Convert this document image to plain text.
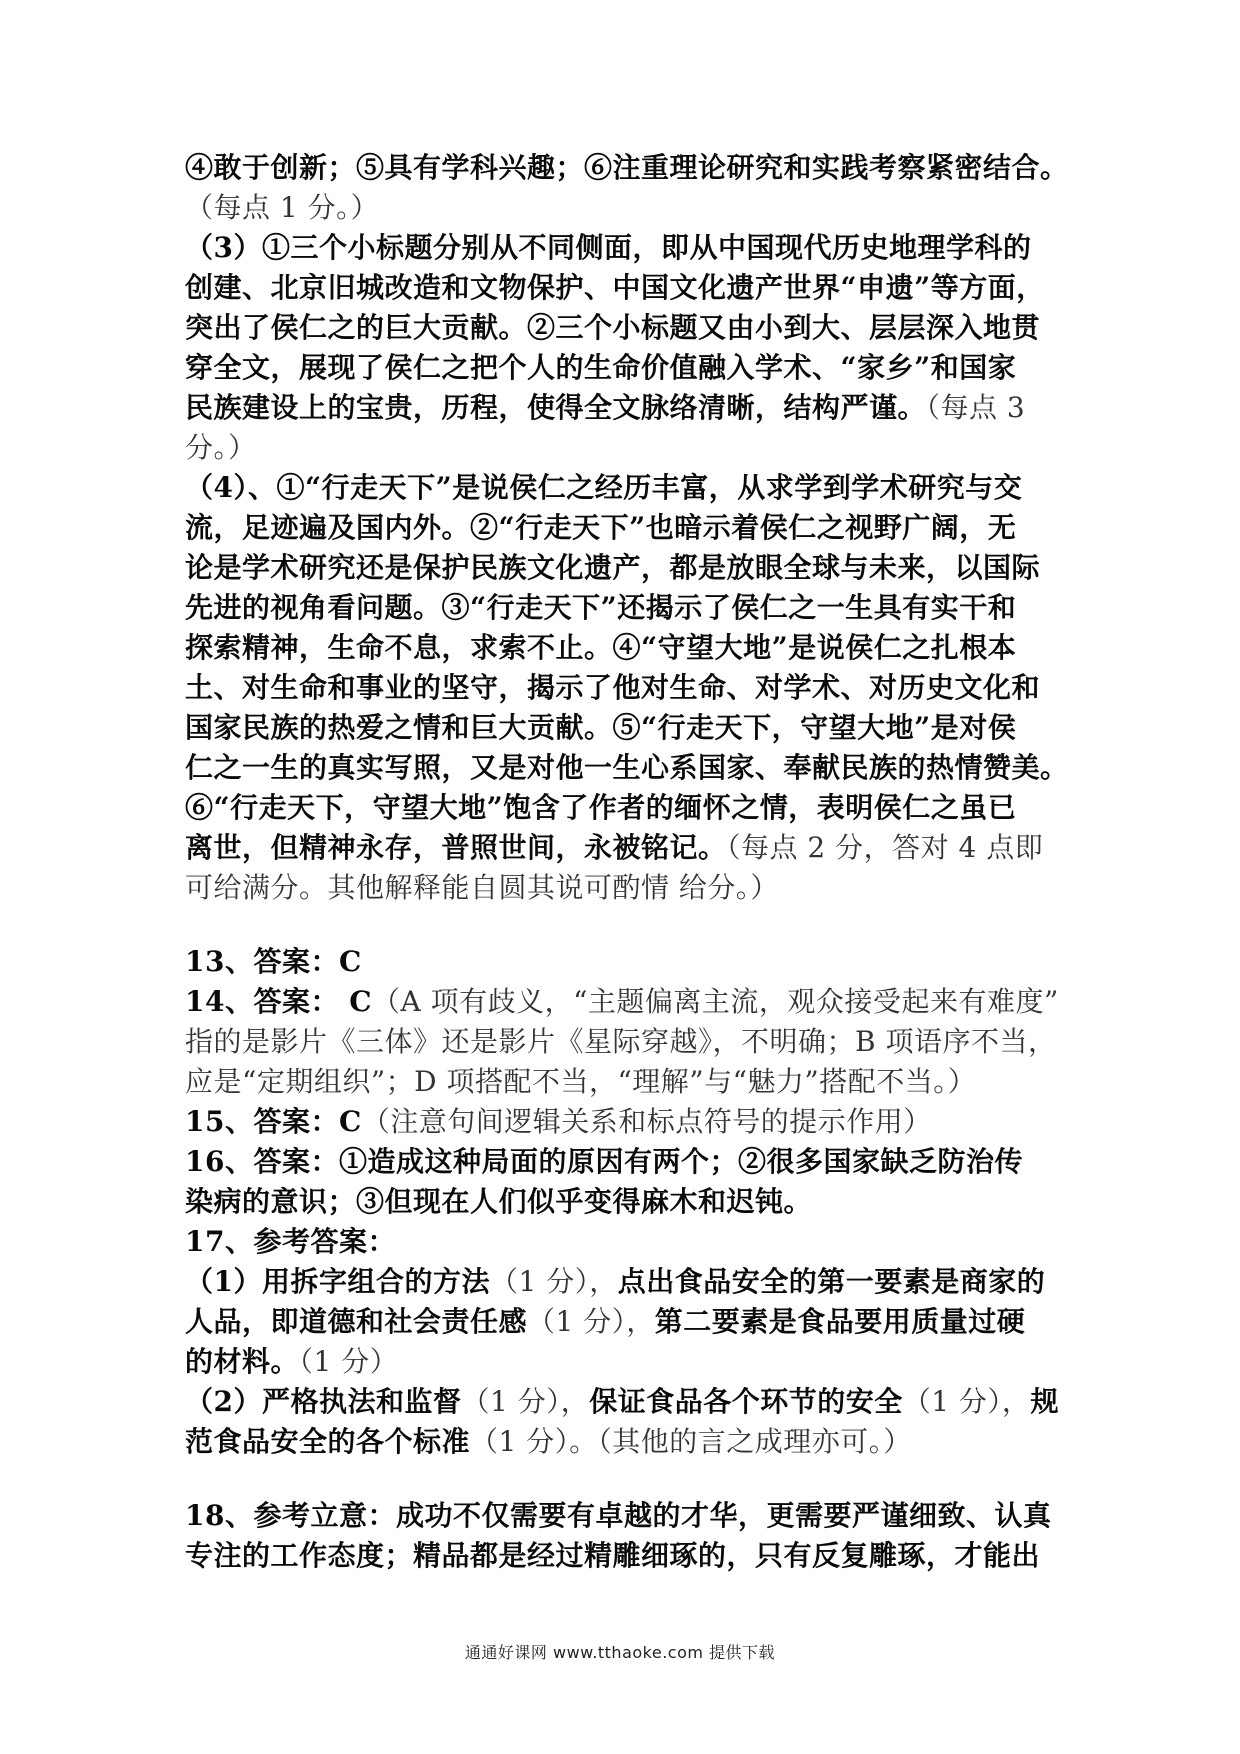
④敢于创新；⑤具有学科兴趣；⑥注重理论研究和实践考察紧密结合。
（每点 1 分。）
（3）①三个小标题分别从不同侧面，即从中国现代历史地理学科的
创建、北京旧城改造和文物保护、中国文化遗产世界“申遗”等方面，
突出了侯仁之的巨大贡献。②三个小标题又由小到大、层层深入地贯
穿全文，展现了侯仁之把个人的生命价值融入学术、“家乡”和国家
民族建设上的宝贵，历程，使得全文脉络清晰，结构严谨。（每点 3
分。）
（4）、①“行走天下”是说侯仁之经历丰富，从求学到学术研究与交
流，足迹遍及国内外。②“行走天下”也暗示着侯仁之视野广阔，无
论是学术研究还是保护民族文化遗产，都是放眼全球与未来，以国际
先进的视角看问题。③“行走天下”还揭示了侯仁之一生具有实干和
探索精神，生命不息，求索不止。④“守望大地”是说侯仁之扎根本
土、对生命和事业的坚守，揭示了他对生命、对学术、对历史文化和
国家民族的热爱之情和巨大贡献。⑤“行走天下，守望大地”是对侯
仁之一生的真实写照，又是对他一生心系国家、奉献民族的热情赞美。
⑥“行走天下，守望大地”饱含了作者的缅怀之情，表明侯仁之虽已
离世，但精神永存，普照世间，永被铭记。（每点 2 分，答对 4 点即
可给满分。其他解释能自圆其说可酌情 给分。）
13、答案：C
14、答案： C（A 项有歧义，“主题偏离主流，观众接受起来有难度”
指的是影片《三体》还是影片《星际穿越》，不明确；B 项语序不当，
应是“定期组织”；D 项搭配不当，“理解”与“魅力”搭配不当。）
15、答案：C（注意句间逻辑关系和标点符号的提示作用）
16、答案：①造成这种局面的原因有两个；②很多国家缺乏防治传
染病的意识；③但现在人们似乎变得麻木和迟钝。
17、参考答案：
（1）用拆字组合的方法（1 分），点出食品安全的第一要素是商家的
人品，即道德和社会责任感（1 分），第二要素是食品要用质量过硬
的材料。（1 分）
（2）严格执法和监督（1 分），保证食品各个环节的安全（1 分），规
范食品安全的各个标准（1 分）。（其他的言之成理亦可。）
18、参考立意：成功不仅需要有卓越的才华，更需要严谨细致、认真
专注的工作态度；精品都是经过精雕细琢的，只有反复雕琢，才能出
通通好课网 www.tthaoke.com 提供下载
